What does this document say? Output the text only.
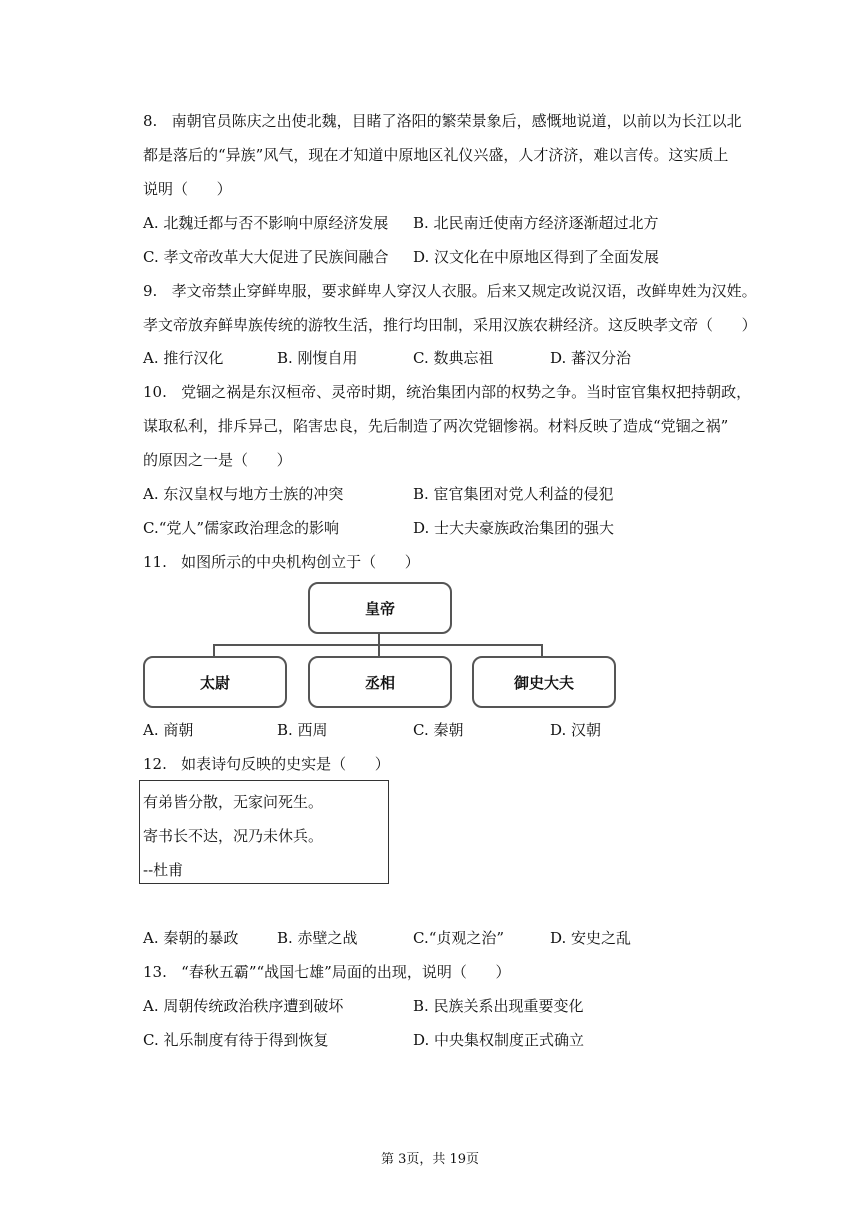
8.   南朝官员陈庆之出使北魏，目睹了洛阳的繁荣景象后，感慨地说道，以前以为长江以北
都是落后的“异族”风气，现在才知道中原地区礼仪兴盛，人才济济，难以言传。这实质上
说明（      ）
A. 北魏迁都与否不影响中原经济发展 B. 北民南迁使南方经济逐渐超过北方
C. 孝文帝改革大大促进了民族间融合 D. 汉文化在中原地区得到了全面发展
9.   孝文帝禁止穿鲜卑服，要求鲜卑人穿汉人衣服。后来又规定改说汉语，改鲜卑姓为汉姓。
孝文帝放弃鲜卑族传统的游牧生活，推行均田制，采用汉族农耕经济。这反映孝文帝（      ）
A. 推行汉化	B. 刚愎自用	C. 数典忘祖	D. 蕃汉分治
10.   党锢之祸是东汉桓帝、灵帝时期，统治集团内部的权势之争。当时宦官集权把持朝政，
谋取私利，排斥异己，陷害忠良，先后制造了两次党锢惨祸。材料反映了造成“党锢之祸”
的原因之一是（      ）
A. 东汉皇权与地方士族的冲突	B. 宦官集团对党人利益的侵犯
C.“党人”儒家政治理念的影响	D. 士大夫豪族政治集团的强大
11.   如图所示的中央机构创立于（      ）
皇帝
太尉	丞相	御史大夫
A. 商朝	B. 西周	C. 秦朝	D. 汉朝
12.   如表诗句反映的史实是（      ）
有弟皆分散，无家问死生。
寄书长不达，况乃未休兵。
--杜甫
A. 秦朝的暴政	B. 赤壁之战	C.“贞观之治”	D. 安史之乱
13.   “春秋五霸”“战国七雄”局面的出现，说明（      ）
A. 周朝传统政治秩序遭到破坏	B. 民族关系出现重要变化
C. 礼乐制度有待于得到恢复	D. 中央集权制度正式确立
第 3页，共 19页
